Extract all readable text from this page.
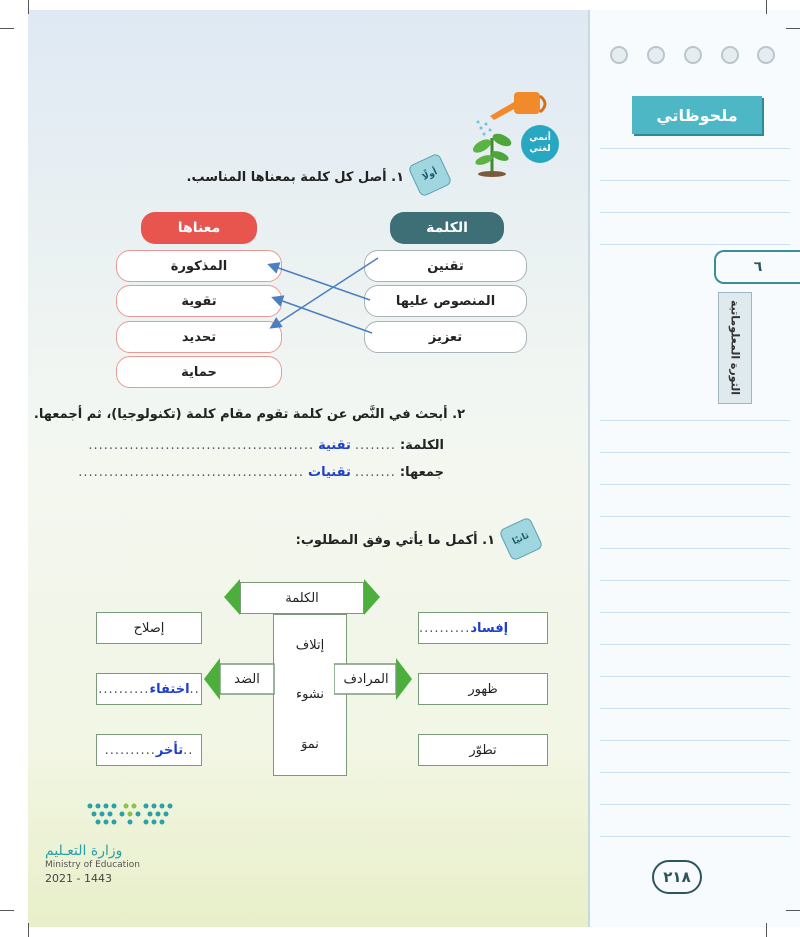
ملحوظاتي
٦
الثورة المعلوماتية
أنمي لغتي
أولًا
١. أصل كل كلمة بمعناها المناسب.
الكلمة
معناها
تقنين
المنصوص عليها
تعزيز
المذكورة
تقوية
تحديد
حماية
٢. أبحث في النَّص عن كلمة تقوم مقام كلمة (تكنولوجيا)، ثم أجمعها.
الكلمة:
........
تقنية
............................................
جمعها:
........
تقنيات
............................................
ثانيًا
١. أكمل ما يأتي وفق المطلوب:
الكلمة
إتلاف
نشوء
نموَ
المرادف
الضد
إفساد
..........
ظهور
تطوّر
إصلاح
..
اختفاء
..........
..
تأخر
..........
وزارة التعـليم
Ministry of Education
2021 - 1443	٢١٨
